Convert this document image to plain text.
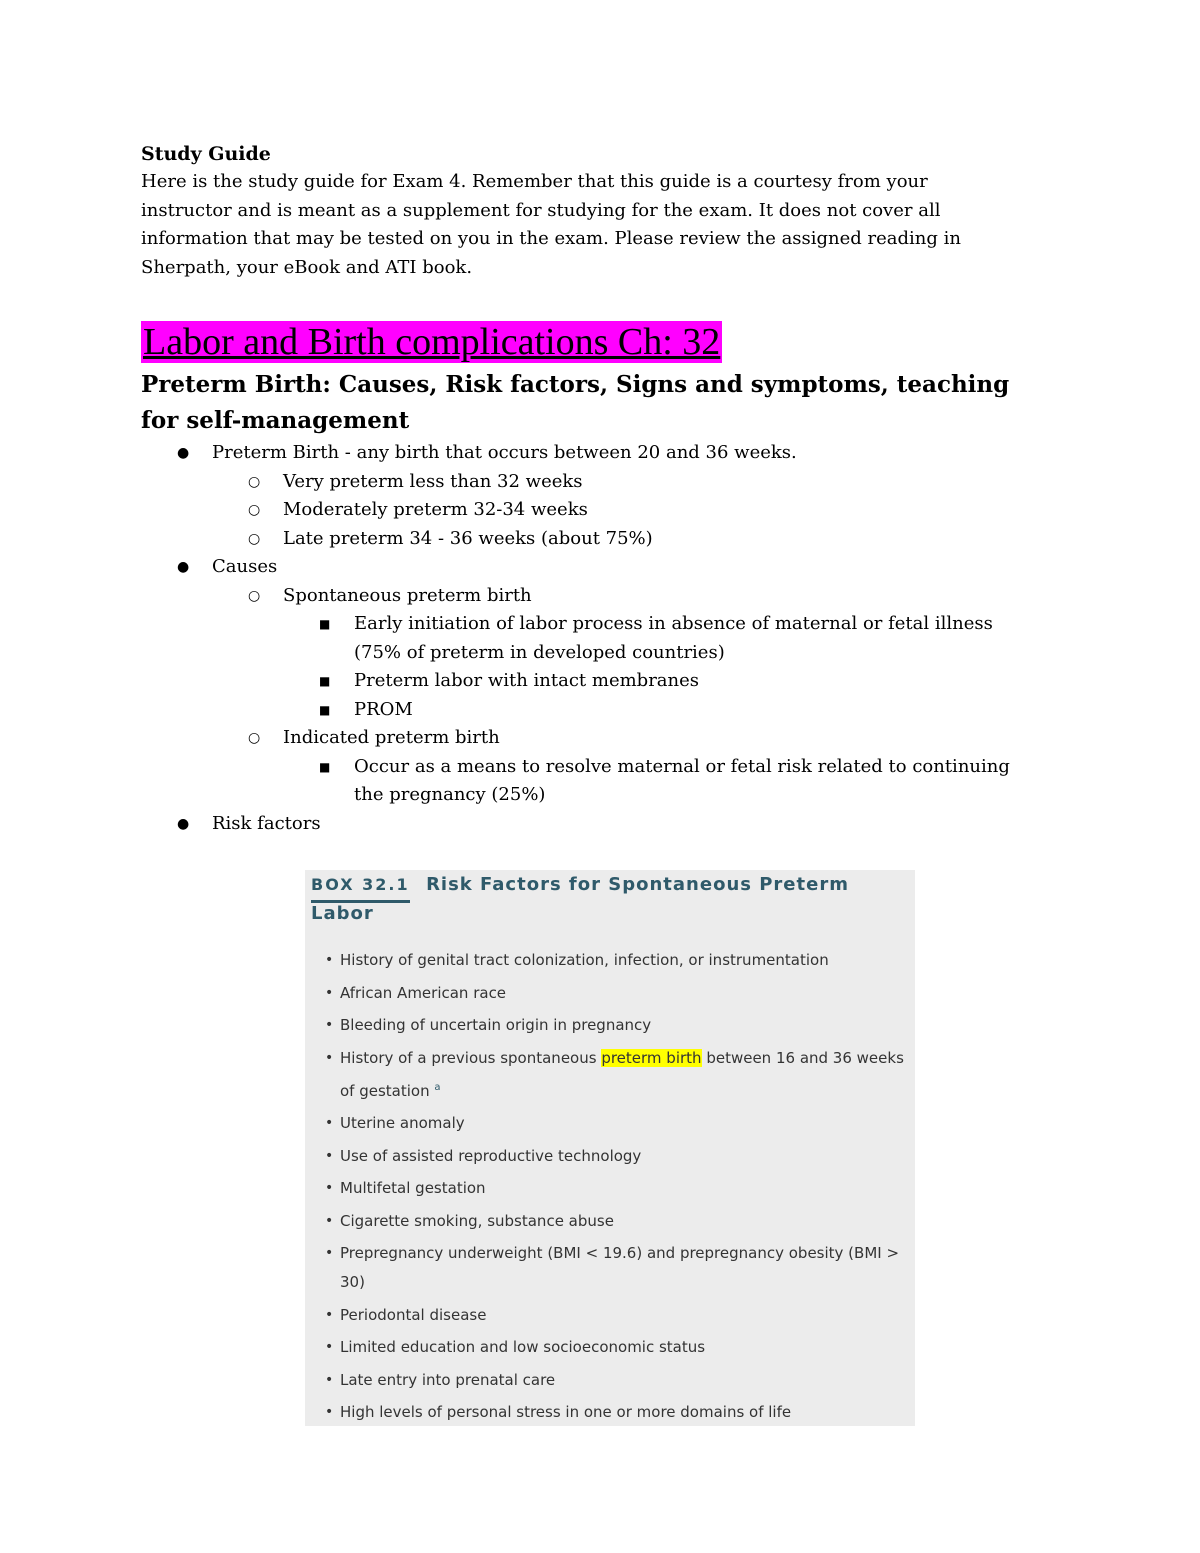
Study Guide

Here is the study guide for Exam 4. Remember that this guide is a courtesy from your instructor and is meant as a supplement for studying for the exam. It does not cover all information that may be tested on you in the exam. Please review the assigned reading in Sherpath, your eBook and ATI book.

Labor and Birth complications Ch: 32
Preterm Birth: Causes, Risk factors, Signs and symptoms, teaching for self-management
● Preterm Birth - any birth that occurs between 20 and 36 weeks.
○ Very preterm less than 32 weeks
○ Moderately preterm 32-34 weeks
○ Late preterm 34 - 36 weeks (about 75%)
● Causes
○ Spontaneous preterm birth
■ Early initiation of labor process in absence of maternal or fetal illness (75% of preterm in developed countries)
■ Preterm labor with intact membranes
■ PROM
○ Indicated preterm birth
■ Occur as a means to resolve maternal or fetal risk related to continuing the pregnancy (25%)
● Risk factors
BOX 32.1 Risk Factors for Spontaneous Preterm Labor
• History of genital tract colonization, infection, or instrumentation
• African American race
• Bleeding of uncertain origin in pregnancy
• History of a previous spontaneous preterm birth between 16 and 36 weeks of gestation $^a$
• Uterine anomaly
• Use of assisted reproductive technology
• Multifetal gestation
• Cigarette smoking, substance abuse
• Prepregnancy underweight (BMI < 19.6) and prepregnancy obesity (BMI > 30)
• Periodontal disease
• Limited education and low socioeconomic status
• Late entry into prenatal care
• High levels of personal stress in one or more domains of life
